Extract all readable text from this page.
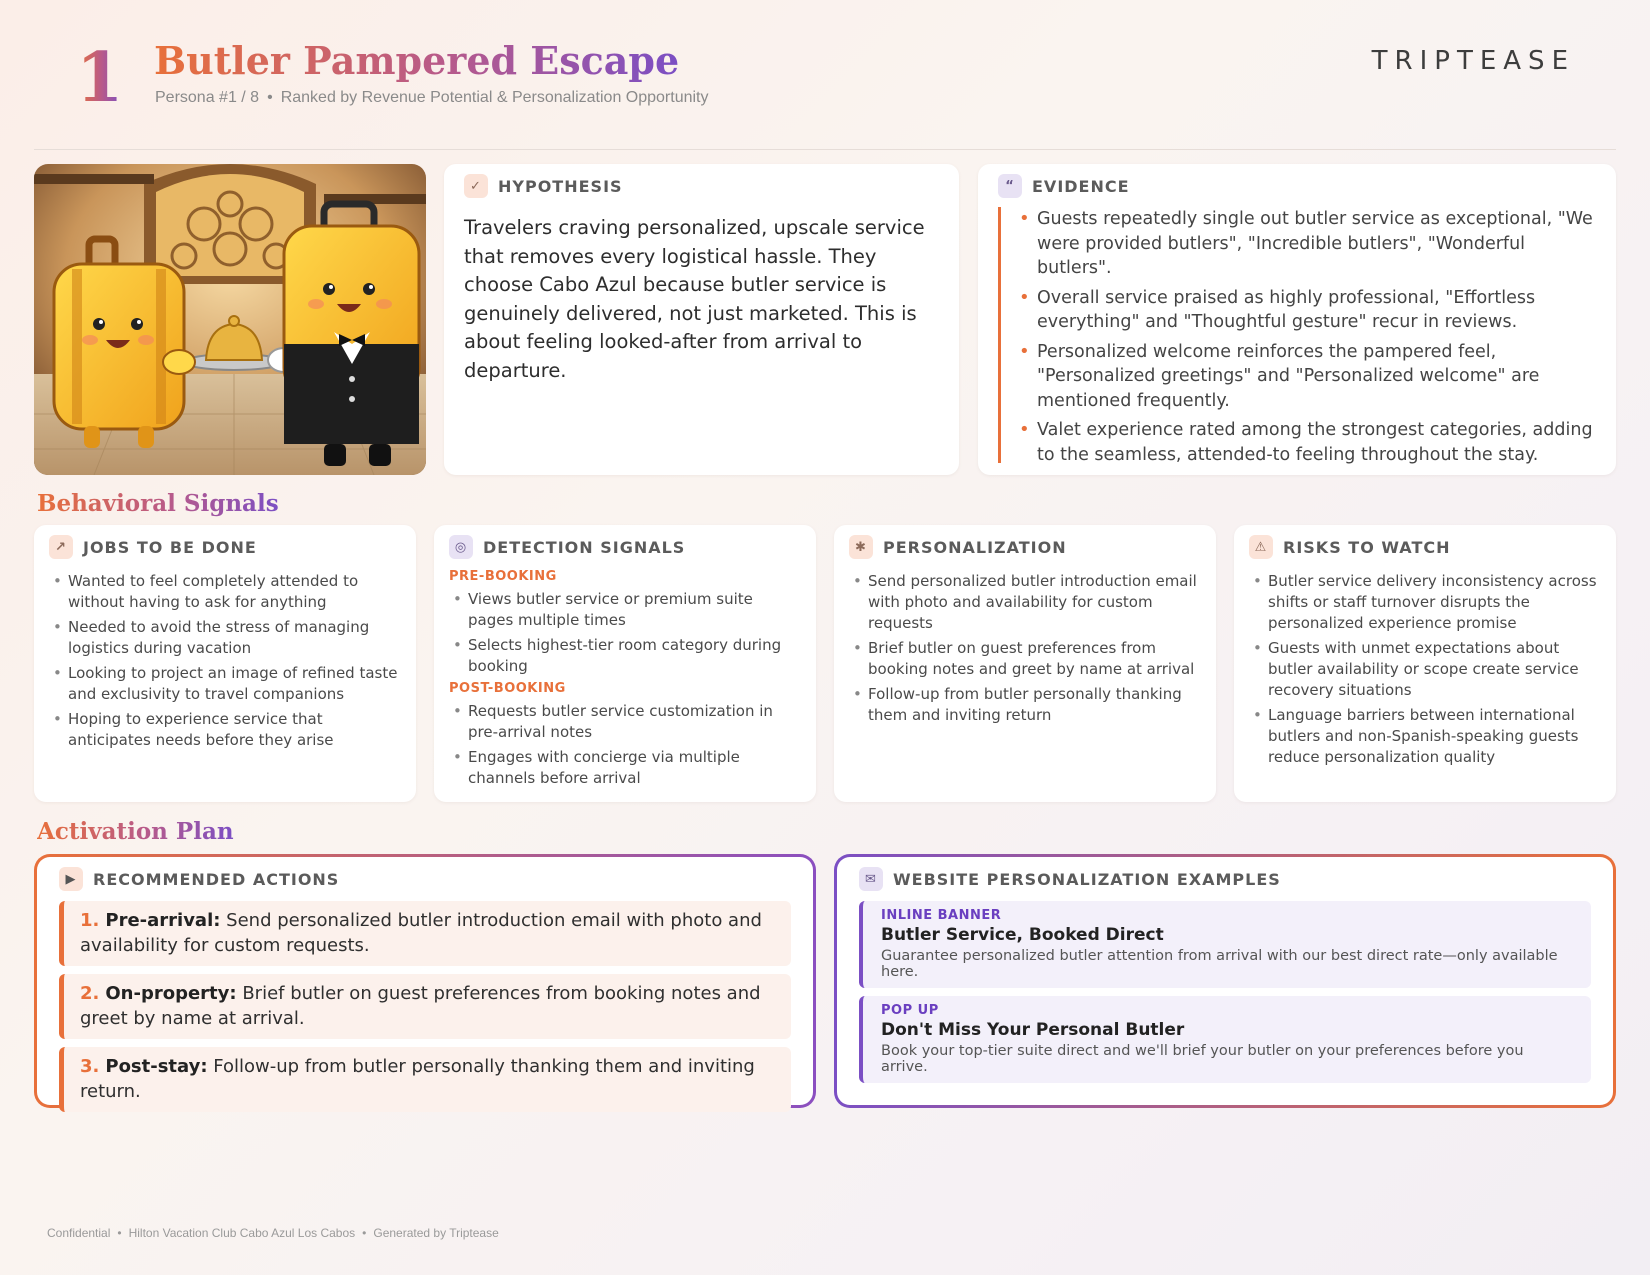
1 Butler Pampered Escape
Persona #1 / 8 • Ranked by Revenue Potential & Personalization Opportunity
TRIPTEASE
✓	HYPOTHESIS

Travelers craving personalized, upscale service that removes every logistical hassle. They choose Cabo Azul because butler service is genuinely delivered, not just marketed. This is about feeling looked-after from arrival to departure.

“	EVIDENCE
• Guests repeatedly single out butler service as exceptional, "We were provided butlers", "Incredible butlers", "Wonderful butlers".
• Overall service praised as highly professional, "Effortless everything" and "Thoughtful gesture" recur in reviews.
• Personalized welcome reinforces the pampered feel, "Personalized greetings" and "Personalized welcome" are mentioned frequently.
• Valet experience rated among the strongest categories, adding to the seamless, attended-to feeling throughout the stay.
Behavioral Signals
↗	JOBS TO BE DONE
• Wanted to feel completely attended to without having to ask for anything
• Needed to avoid the stress of managing logistics during vacation
• Looking to project an image of refined taste and exclusivity to travel companions
• Hoping to experience service that anticipates needs before they arise
◎ DETECTION SIGNALS
PRE-BOOKING
• Views butler service or premium suite pages multiple times
• Selects highest-tier room category during booking
POST-BOOKING
• Requests butler service customization in pre-arrival notes
• Engages with concierge via multiple channels before arrival
✱	PERSONALIZATION
• Send personalized butler introduction email with photo and availability for custom requests
• Brief butler on guest preferences from booking notes and greet by name at arrival
• Follow-up from butler personally thanking them and inviting return
⚠ RISKS TO WATCH
• Butler service delivery inconsistency across shifts or staff turnover disrupts the personalized experience promise
• Guests with unmet expectations about butler availability or scope create service recovery situations
• Language barriers between international butlers and non-Spanish-speaking guests reduce personalization quality
Activation Plan
▶	RECOMMENDED ACTIONS
1. Pre-arrival: Send personalized butler introduction email with photo and availability for custom requests.
2. On-property: Brief butler on guest preferences from booking notes and greet by name at arrival.
3. Post-stay: Follow-up from butler personally thanking them and inviting return.
✉	WEBSITE PERSONALIZATION EXAMPLES
INLINE BANNER
Butler Service, Booked Direct
Guarantee personalized butler attention from arrival with our best direct rate—only available here.
POP UP
Don't Miss Your Personal Butler
Book your top-tier suite direct and we'll brief your butler on your preferences before you arrive.
Confidential • Hilton Vacation Club Cabo Azul Los Cabos • Generated by Triptease
